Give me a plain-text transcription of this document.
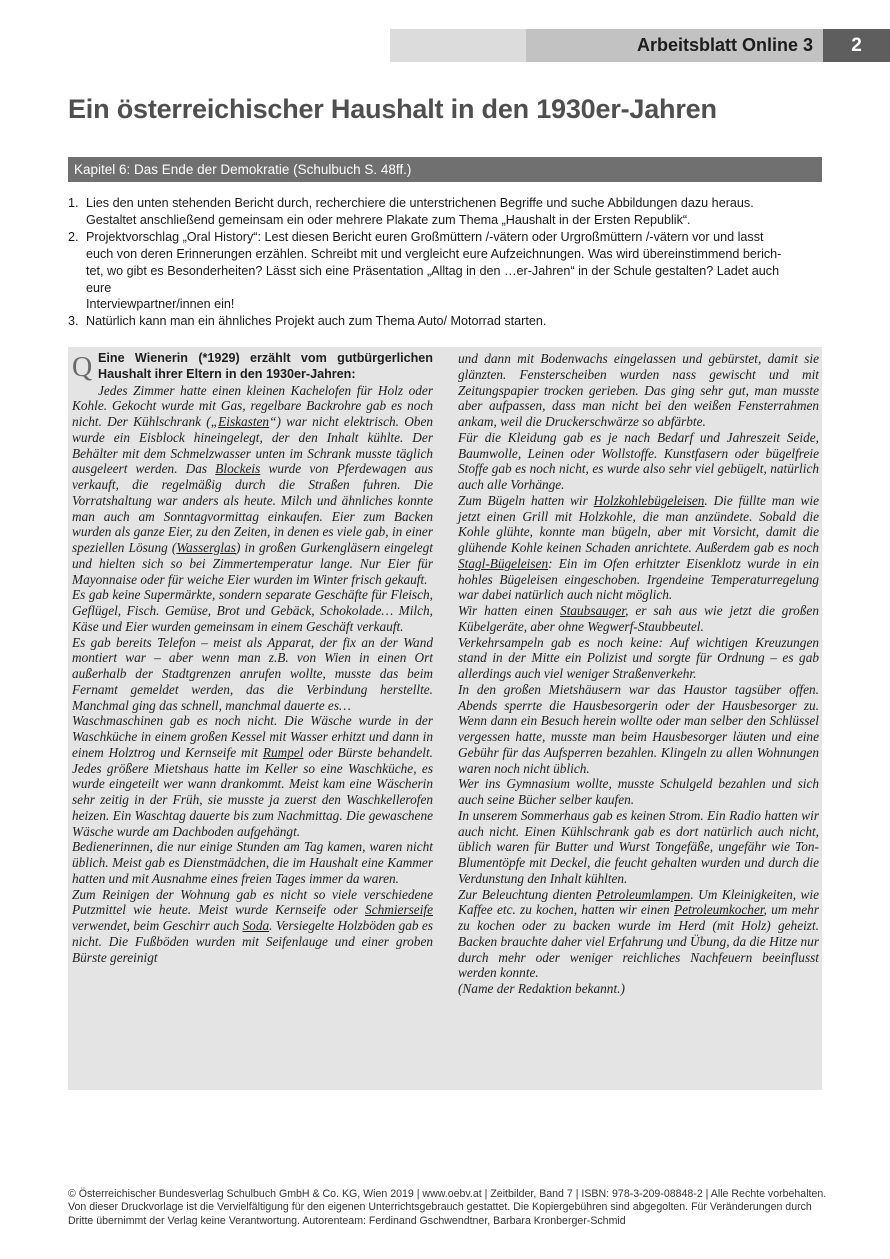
Arbeitsblatt Online 3	2
Ein österreichischer Haushalt in den 1930er-Jahren
Kapitel 6: Das Ende der Demokratie (Schulbuch S. 48ff.)
1. Lies den unten stehenden Bericht durch, recherchiere die unterstrichenen Begriffe und suche Abbildungen dazu heraus.
Gestaltet anschließend gemeinsam ein oder mehrere Plakate zum Thema „Haushalt in der Ersten Republik“.
2. Projektvorschlag „Oral History“: Lest diesen Bericht euren Großmüttern /-vätern oder Urgroßmüttern /-vätern vor und lasst
euch von deren Erinnerungen erzählen. Schreibt mit und vergleicht eure Aufzeichnungen. Was wird übereinstimmend berich-
tet, wo gibt es Besonderheiten? Lässt sich eine Präsentation „Alltag in den …er-Jahren“ in der Schule gestalten? Ladet auch
eure
Interviewpartner/innen ein!
3. Natürlich kann man ein ähnliches Projekt auch zum Thema Auto/ Motorrad starten.
Q Eine Wienerin (*1929) erzählt vom gutbürgerlichen Haushalt ihrer Eltern in den 1930er-Jahren:

Jedes Zimmer hatte einen kleinen Kachelofen für Holz oder Kohle. Gekocht wurde mit Gas, regelbare Backrohre gab es noch nicht. Der Kühlschrank („Eiskasten“) war nicht elektrisch. Oben wurde ein Eisblock hineingelegt, der den Inhalt kühlte. Der Behälter mit dem Schmelzwasser unten im Schrank musste täglich ausgeleert werden. Das Blockeis wurde von Pferdewagen aus verkauft, die regelmäßig durch die Straßen fuhren. Die Vorratshaltung war anders als heute. Milch und ähnliches konnte man auch am Sonntagvormittag einkaufen. Eier zum Backen wurden als ganze Eier, zu den Zeiten, in denen es viele gab, in einer speziellen Lösung (Wasserglas) in großen Gurkengläsern eingelegt und hielten sich so bei Zimmertemperatur lange. Nur Eier für Mayonnaise oder für weiche Eier wurden im Winter frisch gekauft.

Es gab keine Supermärkte, sondern separate Geschäfte für Fleisch, Geflügel, Fisch. Gemüse, Brot und Gebäck, Schokolade… Milch, Käse und Eier wurden gemeinsam in einem Geschäft verkauft.

Es gab bereits Telefon – meist als Apparat, der fix an der Wand montiert war – aber wenn man z.B. von Wien in einen Ort außerhalb der Stadtgrenzen anrufen wollte, musste das beim Fernamt gemeldet werden, das die Verbindung herstellte. Manchmal ging das schnell, manchmal dauerte es…

Waschmaschinen gab es noch nicht. Die Wäsche wurde in der Waschküche in einem großen Kessel mit Wasser erhitzt und dann in einem Holztrog und Kernseife mit Rumpel oder Bürste behandelt. Jedes größere Mietshaus hatte im Keller so eine Waschküche, es wurde eingeteilt wer wann drankommt. Meist kam eine Wäscherin sehr zeitig in der Früh, sie musste ja zuerst den Waschkellerofen heizen. Ein Waschtag dauerte bis zum Nachmittag. Die gewaschene Wäsche wurde am Dachboden aufgehängt.

Bedienerinnen, die nur einige Stunden am Tag kamen, waren nicht üblich. Meist gab es Dienstmädchen, die im Haushalt eine Kammer hatten und mit Ausnahme eines freien Tages immer da waren.

Zum Reinigen der Wohnung gab es nicht so viele verschiedene Putzmittel wie heute. Meist wurde Kernseife oder Schmierseife verwendet, beim Geschirr auch Soda. Versiegelte Holzböden gab es nicht. Die Fußböden wurden mit Seifenlauge und einer groben Bürste gereinigt

und dann mit Bodenwachs eingelassen und gebürstet, damit sie glänzten. Fensterscheiben wurden nass gewischt und mit Zeitungspapier trocken gerieben. Das ging sehr gut, man musste aber aufpassen, dass man nicht bei den weißen Fensterrahmen ankam, weil die Druckerschwärze so abfärbte.

Für die Kleidung gab es je nach Bedarf und Jahreszeit Seide, Baumwolle, Leinen oder Wollstoffe. Kunstfasern oder bügelfreie Stoffe gab es noch nicht, es wurde also sehr viel gebügelt, natürlich auch alle Vorhänge.

Zum Bügeln hatten wir Holzkohlebügeleisen. Die füllte man wie jetzt einen Grill mit Holzkohle, die man anzündete. Sobald die Kohle glühte, konnte man bügeln, aber mit Vorsicht, damit die glühende Kohle keinen Schaden anrichtete. Außerdem gab es noch Stagl-Bügeleisen: Ein im Ofen erhitzter Eisenklotz wurde in ein hohles Bügeleisen eingeschoben. Irgendeine Temperaturregelung war dabei natürlich auch nicht möglich.

Wir hatten einen Staubsauger, er sah aus wie jetzt die großen Kübelgeräte, aber ohne Wegwerf-Staubbeutel.

Verkehrsampeln gab es noch keine: Auf wichtigen Kreuzungen stand in der Mitte ein Polizist und sorgte für Ordnung – es gab allerdings auch viel weniger Straßenverkehr.

In den großen Mietshäusern war das Haustor tagsüber offen. Abends sperrte die Hausbesorgerin oder der Hausbesorger zu. Wenn dann ein Besuch herein wollte oder man selber den Schlüssel vergessen hatte, musste man beim Hausbesorger läuten und eine Gebühr für das Aufsperren bezahlen. Klingeln zu allen Wohnungen waren noch nicht üblich.

Wer ins Gymnasium wollte, musste Schulgeld bezahlen und sich auch seine Bücher selber kaufen.

In unserem Sommerhaus gab es keinen Strom. Ein Radio hatten wir auch nicht. Einen Kühlschrank gab es dort natürlich auch nicht, üblich waren für Butter und Wurst Tongefäße, ungefähr wie Ton-Blumentöpfe mit Deckel, die feucht gehalten wurden und durch die Verdunstung den Inhalt kühlten.

Zur Beleuchtung dienten Petroleumlampen. Um Kleinigkeiten, wie Kaffee etc. zu kochen, hatten wir einen Petroleumkocher, um mehr zu kochen oder zu backen wurde im Herd (mit Holz) geheizt. Backen brauchte daher viel Erfahrung und Übung, da die Hitze nur durch mehr oder weniger reichliches Nachfeuern beeinflusst werden konnte.

(Name der Redaktion bekannt.)

© Österreichischer Bundesverlag Schulbuch GmbH & Co. KG, Wien 2019 | www.oebv.at | Zeitbilder, Band 7 | ISBN: 978-3-209-08848-2 | Alle Rechte vorbehalten. Von dieser Druckvorlage ist die Vervielfältigung für den eigenen Unterrichtsgebrauch gestattet. Die Kopiergebühren sind abgegolten. Für Veränderungen durch Dritte übernimmt der Verlag keine Verantwortung. Autorenteam: Ferdinand Gschwendtner, Barbara Kronberger-Schmid
